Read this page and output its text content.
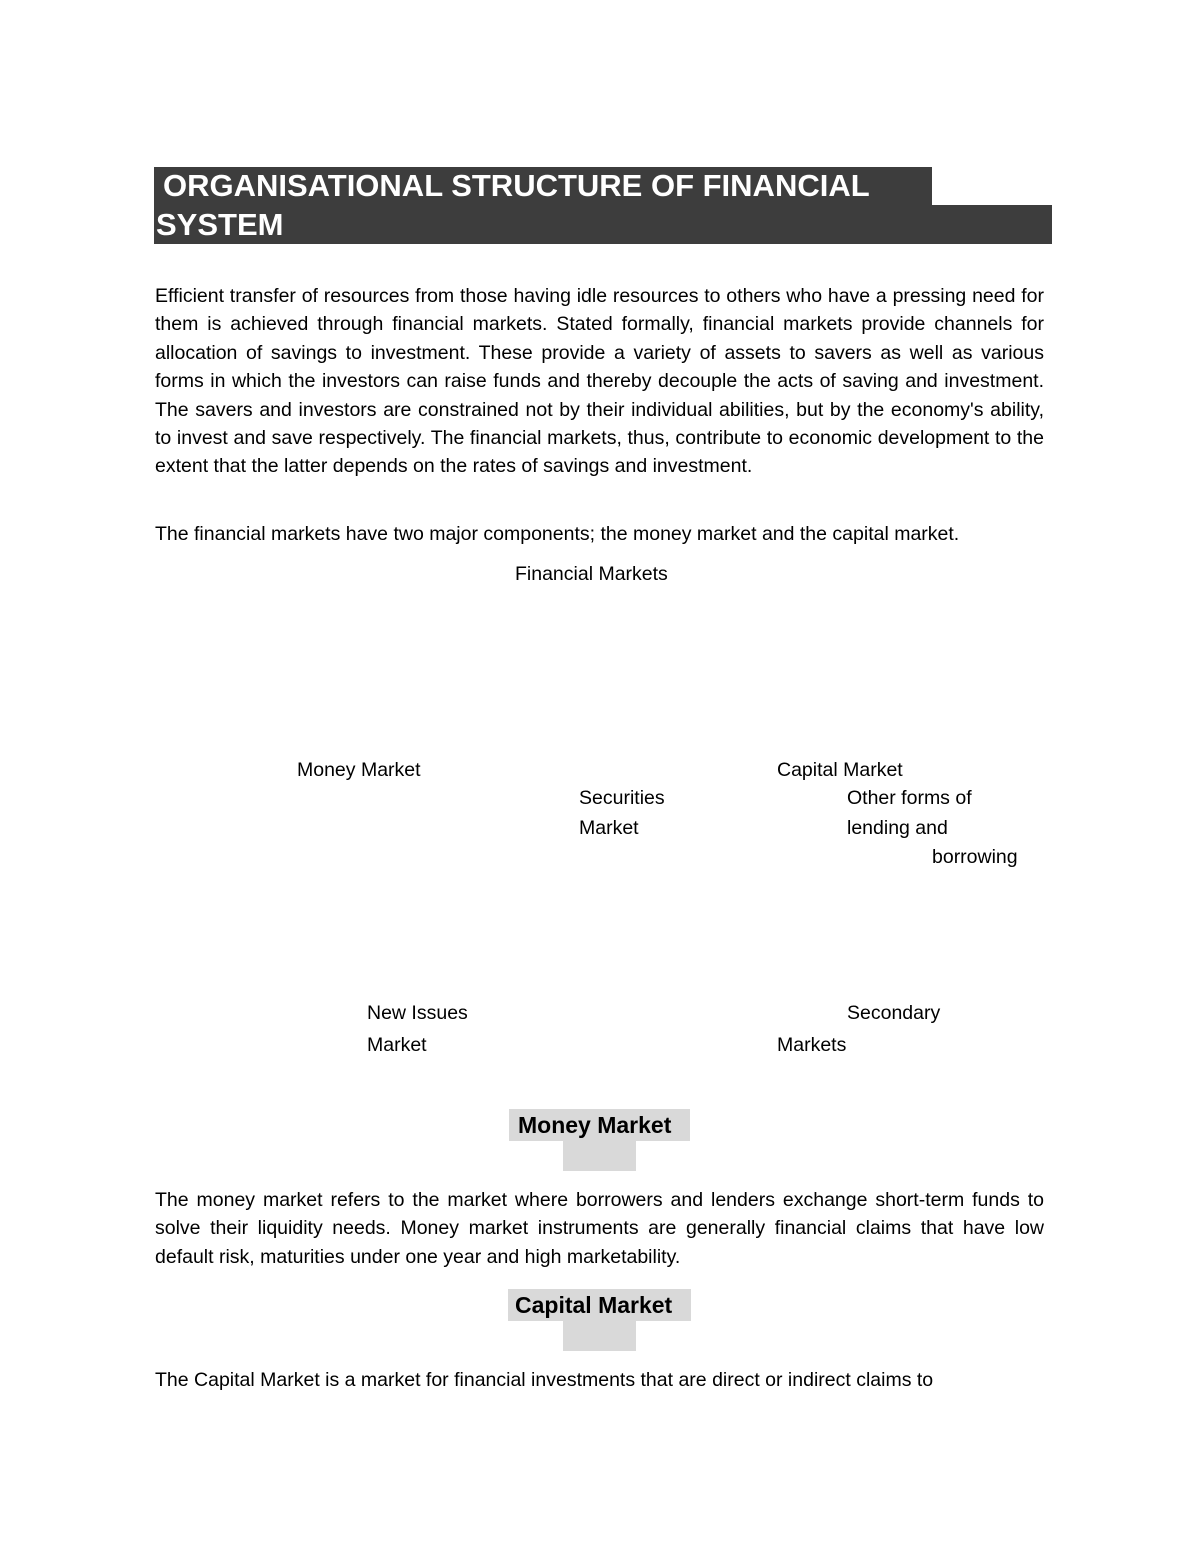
ORGANISATIONAL STRUCTURE OF FINANCIAL
SYSTEM
Efficient transfer of resources from those having idle resources to others who have a pressing need for them is achieved through financial markets. Stated formally, financial markets provide channels for allocation of savings to investment. These provide a variety of assets to savers as well as various forms in which the investors can raise funds and thereby decouple the acts of saving and investment. The savers and investors are constrained not by their individual abilities, but by the economy's ability, to invest and save respectively. The financial markets, thus, contribute to economic development to the extent that the latter depends on the rates of savings and investment.
The financial markets have two major components; the money market and the capital market.
Financial Markets
Money Market	Capital Market
Securities
Market
Other forms of
lending and
borrowing
New Issues
Market
Secondary
Markets
Money Market
The money market refers to the market where borrowers and lenders exchange short-term funds to solve their liquidity needs. Money market instruments are generally financial claims that have low default risk, maturities under one year and high marketability.
Capital Market
The Capital Market is a market for financial investments that are direct or indirect claims to
